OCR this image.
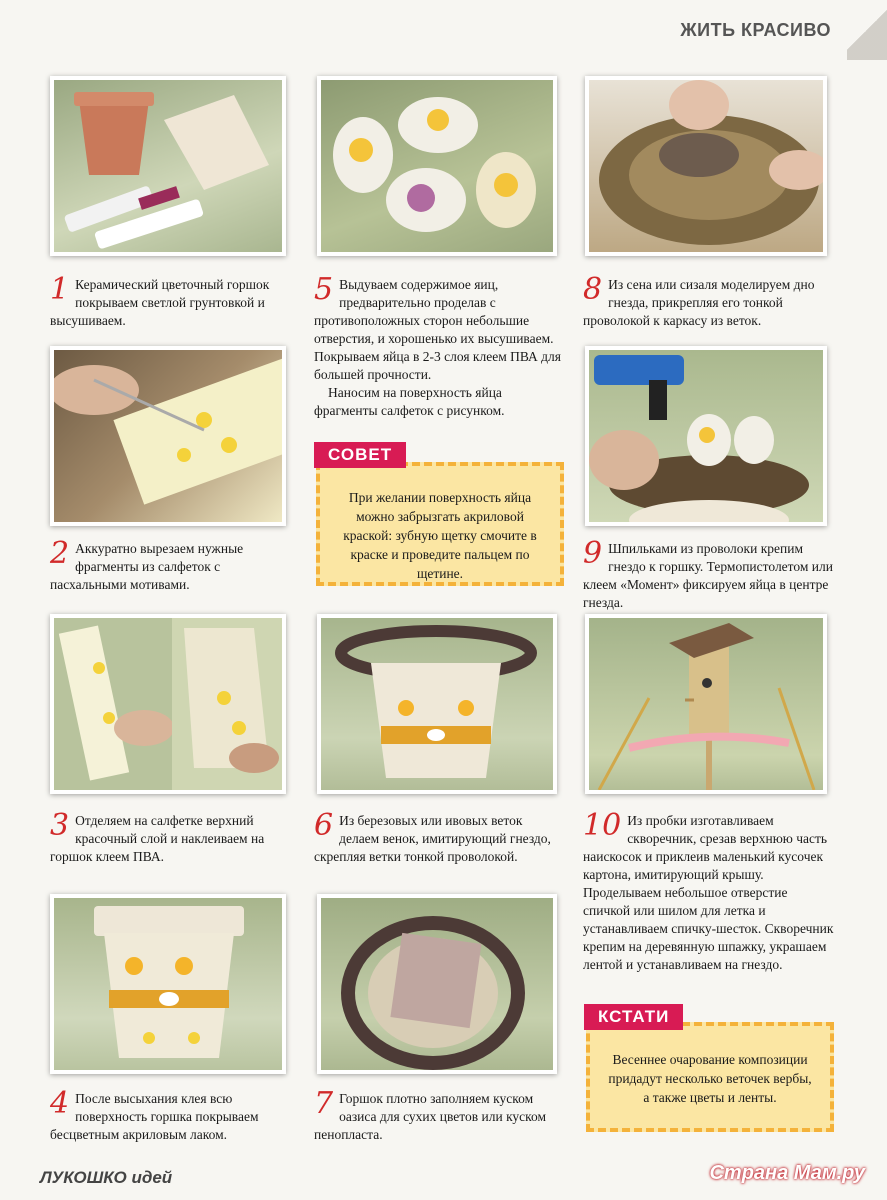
ЖИТЬ КРАСИВО
1 Керамический цветочный горшок покрываем светлой грунтовкой и высушиваем.
2 Аккуратно вырезаем нужные фрагменты из салфеток с пасхальными мотивами.
3 Отделяем на салфетке верхний красочный слой и наклеиваем на горшок клеем ПВА.
4 После высыхания клея всю поверхность горшка покрываем бесцветным акриловым лаком.
5 Выдуваем содержимое яиц, предварительно проделав с противоположных сторон небольшие отверстия, и хорошенько их высушиваем. Покрываем яйца в 2-3 слоя клеем ПВА для большей прочности.
Наносим на поверхность яйца фрагменты салфеток с рисунком.
6 Из березовых или ивовых веток делаем венок, имитирующий гнездо, скрепляя ветки тонкой проволокой.
7 Горшок плотно заполняем куском оазиса для сухих цветов или куском пенопласта.
8 Из сена или сизаля моделируем дно гнезда, прикрепляя его тонкой проволокой к каркасу из веток.
9 Шпильками из проволоки крепим гнездо к горшку. Термопистолетом или клеем «Момент» фиксируем яйца в центре гнезда.
10 Из пробки изготавливаем скворечник, срезав верхнюю часть наискосок и приклеив маленький кусочек картона, имитирующий крышу. Проделываем небольшое отверстие спичкой или шилом для летка и устанавливаем спичку-шесток. Скворечник крепим на деревянную шпажку, украшаем лентой и устанавливаем на гнездо.
При желании поверхность яйца можно забрызгать акриловой краской: зубную щетку смочите в краске и проведите пальцем по щетине.
СОВЕТ
Весеннее очарование композиции придадут несколько веточек вербы, а также цветы и ленты.
КСТАТИ
ЛУКОШКО идей	Страна Мам.ру
